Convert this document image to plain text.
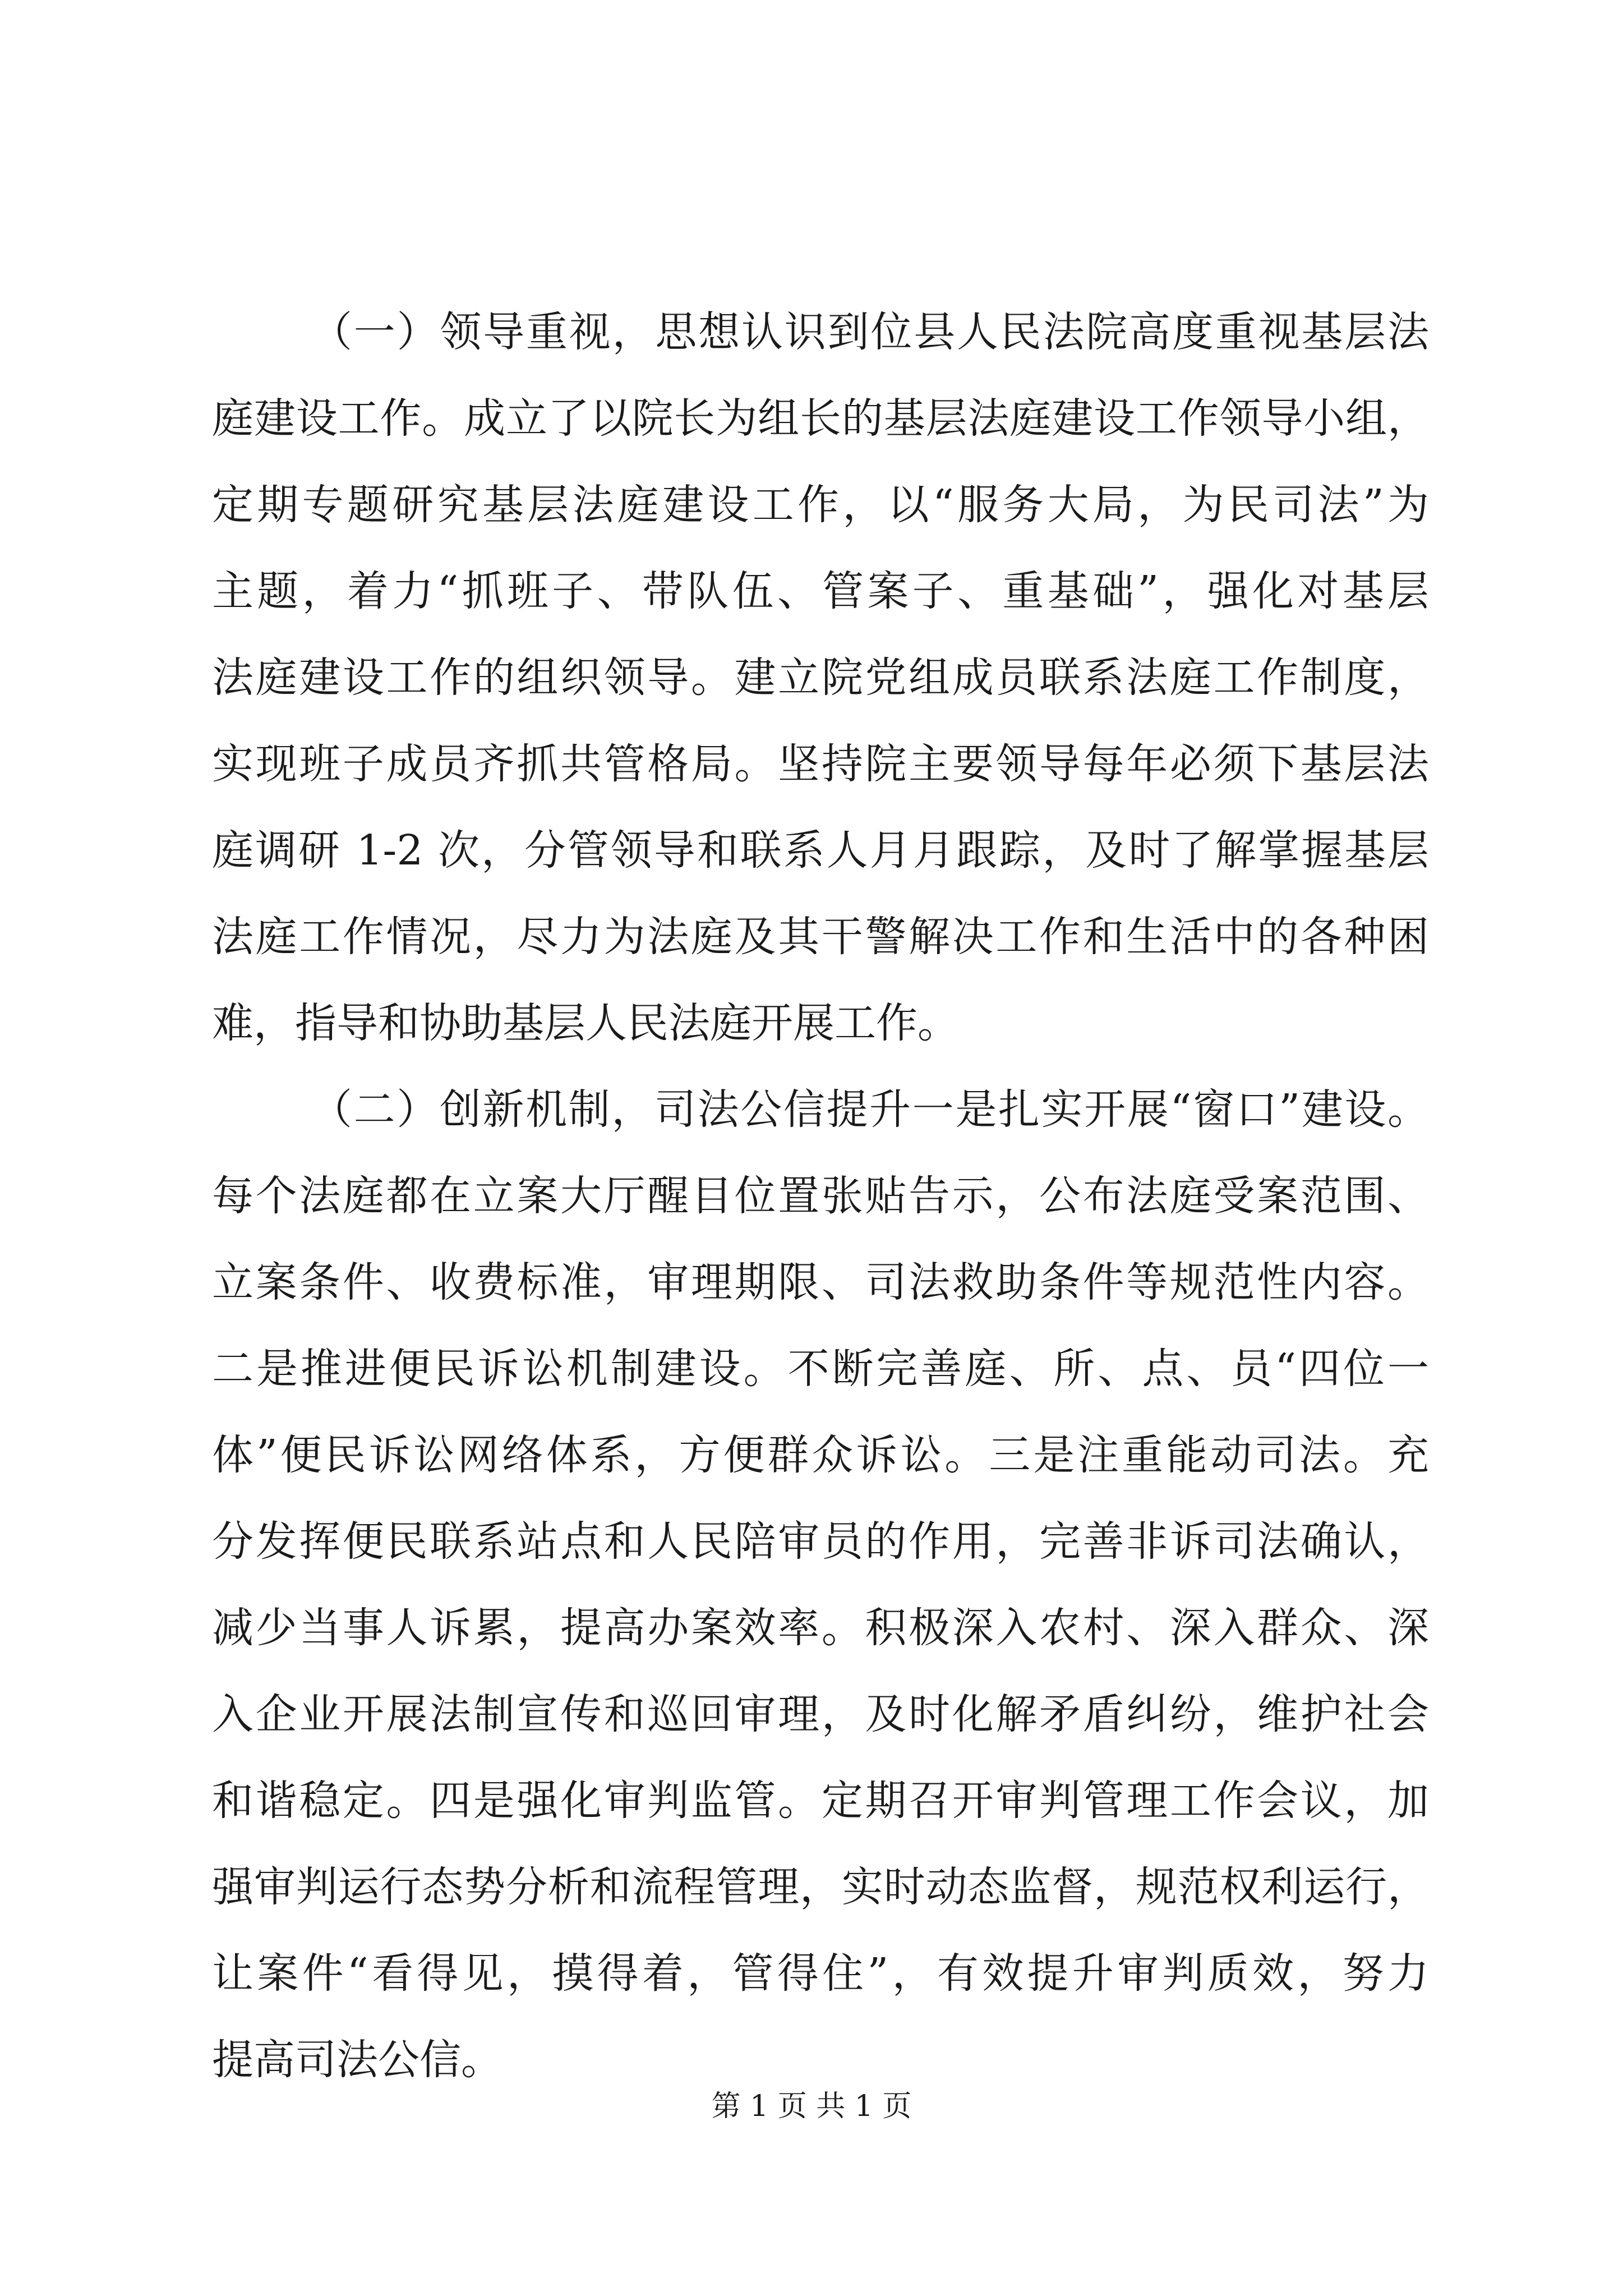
（一）领导重视，思想认识到位县人民法院高度重视基层法
庭建设工作。成立了以院长为组长的基层法庭建设工作领导小组，
定期专题研究基层法庭建设工作，以“服务大局，为民司法”为
主题，着力“抓班子、带队伍、管案子、重基础”，强化对基层
法庭建设工作的组织领导。建立院党组成员联系法庭工作制度，
实现班子成员齐抓共管格局。坚持院主要领导每年必须下基层法
庭调研 1-2 次，分管领导和联系人月月跟踪，及时了解掌握基层
法庭工作情况，尽力为法庭及其干警解决工作和生活中的各种困
难，指导和协助基层人民法庭开展工作。
（二）创新机制，司法公信提升一是扎实开展“窗口”建设。
每个法庭都在立案大厅醒目位置张贴告示，公布法庭受案范围、
立案条件、收费标准，审理期限、司法救助条件等规范性内容。
二是推进便民诉讼机制建设。不断完善庭、所、点、员“四位一
体”便民诉讼网络体系，方便群众诉讼。三是注重能动司法。充
分发挥便民联系站点和人民陪审员的作用，完善非诉司法确认，
减少当事人诉累，提高办案效率。积极深入农村、深入群众、深
入企业开展法制宣传和巡回审理，及时化解矛盾纠纷，维护社会
和谐稳定。四是强化审判监管。定期召开审判管理工作会议，加
强审判运行态势分析和流程管理，实时动态监督，规范权利运行，
让案件“看得见，摸得着，管得住”，有效提升审判质效，努力
提高司法公信。
第 1 页 共 1 页
